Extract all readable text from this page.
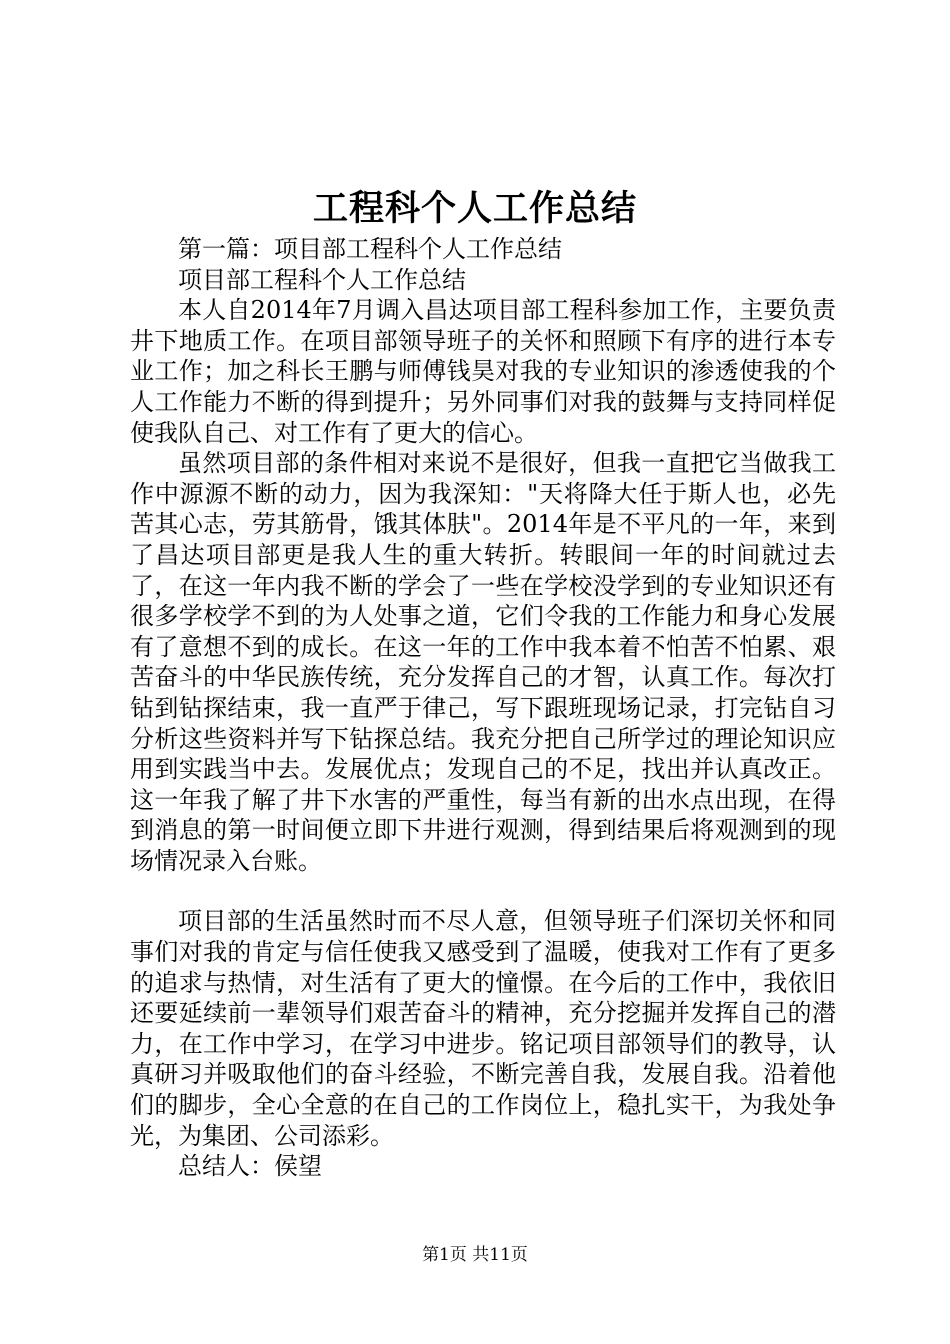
工程科个人工作总结

第一篇：项目部工程科个人工作总结

项目部工程科个人工作总结

本人自2014年7月调入昌达项目部工程科参加工作，主要负责井下地质工作。在项目部领导班子的关怀和照顾下有序的进行本专业工作；加之科长王鹏与师傅钱昊对我的专业知识的渗透使我的个人工作能力不断的得到提升；另外同事们对我的鼓舞与支持同样促使我队自己、对工作有了更大的信心。

虽然项目部的条件相对来说不是很好，但我一直把它当做我工作中源源不断的动力，因为我深知："天将降大任于斯人也，必先苦其心志，劳其筋骨，饿其体肤"。2014年是不平凡的一年，来到了昌达项目部更是我人生的重大转折。转眼间一年的时间就过去了，在这一年内我不断的学会了一些在学校没学到的专业知识还有很多学校学不到的为人处事之道，它们令我的工作能力和身心发展有了意想不到的成长。在这一年的工作中我本着不怕苦不怕累、艰苦奋斗的中华民族传统，充分发挥自己的才智，认真工作。每次打钻到钻探结束，我一直严于律己，写下跟班现场记录，打完钻自习分析这些资料并写下钻探总结。我充分把自己所学过的理论知识应用到实践当中去。发展优点；发现自己的不足，找出并认真改正。这一年我了解了井下水害的严重性，每当有新的出水点出现，在得到消息的第一时间便立即下井进行观测，得到结果后将观测到的现场情况录入台账。

项目部的生活虽然时而不尽人意，但领导班子们深切关怀和同事们对我的肯定与信任使我又感受到了温暖，使我对工作有了更多的追求与热情，对生活有了更大的憧憬。在今后的工作中，我依旧还要延续前一辈领导们艰苦奋斗的精神，充分挖掘并发挥自己的潜力，在工作中学习，在学习中进步。铭记项目部领导们的教导，认真研习并吸取他们的奋斗经验，不断完善自我，发展自我。沿着他们的脚步，全心全意的在自己的工作岗位上，稳扎实干，为我处争光，为集团、公司添彩。

总结人：侯望

第1页 共11页
